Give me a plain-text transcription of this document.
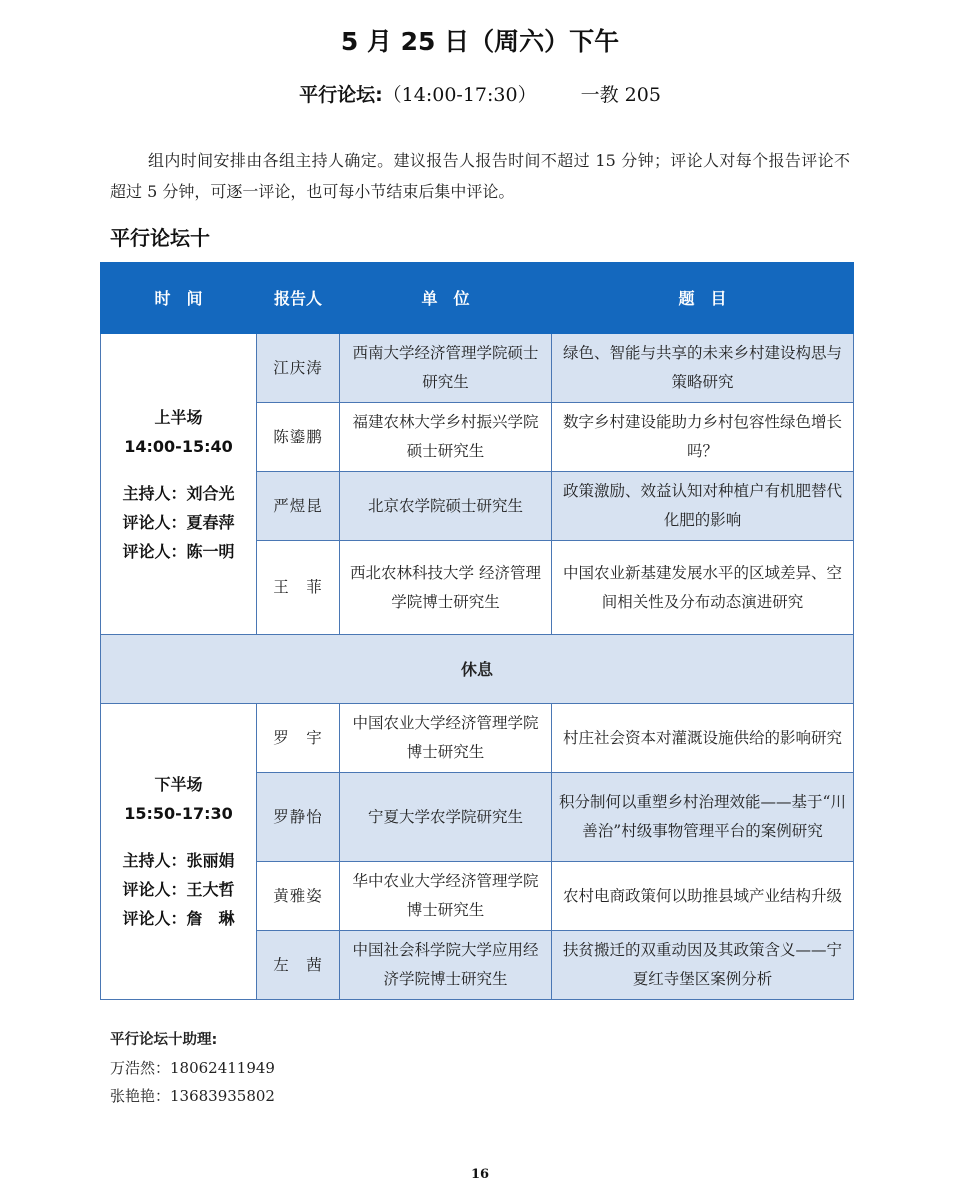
5 月 25 日（周六）下午
平行论坛:（14:00-17:30） 一教 205

组内时间安排由各组主持人确定。建议报告人报告时间不超过 15 分钟；评论人对每个报告评论不超过 5 分钟，可逐一评论，也可每小节结束后集中评论。

平行论坛十
时　间	报告人	单　位	题　目

上半场
14:00-15:40
主持人：刘合光
评论人：夏春萍
评论人：陈一明	江庆涛	西南大学经济管理学院硕士研究生	绿色、智能与共享的未来乡村建设构思与策略研究
	陈鎏鹏	福建农林大学乡村振兴学院硕士研究生	数字乡村建设能助力乡村包容性绿色增长吗？
	严煜昆	北京农学院硕士研究生	政策激励、效益认知对种植户有机肥替代化肥的影响
	王　菲	西北农林科技大学 经济管理学院博士研究生	中国农业新基建发展水平的区域差异、空间相关性及分布动态演进研究
休息			

下半场
15:50-17:30
主持人：张丽娟
评论人：王大哲
评论人：詹　琳	罗　宇	中国农业大学经济管理学院博士研究生	村庄社会资本对灌溉设施供给的影响研究
	罗静怡	宁夏大学农学院研究生	积分制何以重塑乡村治理效能——基于“川善治”村级事物管理平台的案例研究
	黄雅姿	华中农业大学经济管理学院博士研究生	农村电商政策何以助推县域产业结构升级
	左　茜	中国社会科学院大学应用经济学院博士研究生	扶贫搬迁的双重动因及其政策含义——宁夏红寺堡区案例分析
平行论坛十助理:
万浩然：18062411949
张艳艳：13683935802
16
